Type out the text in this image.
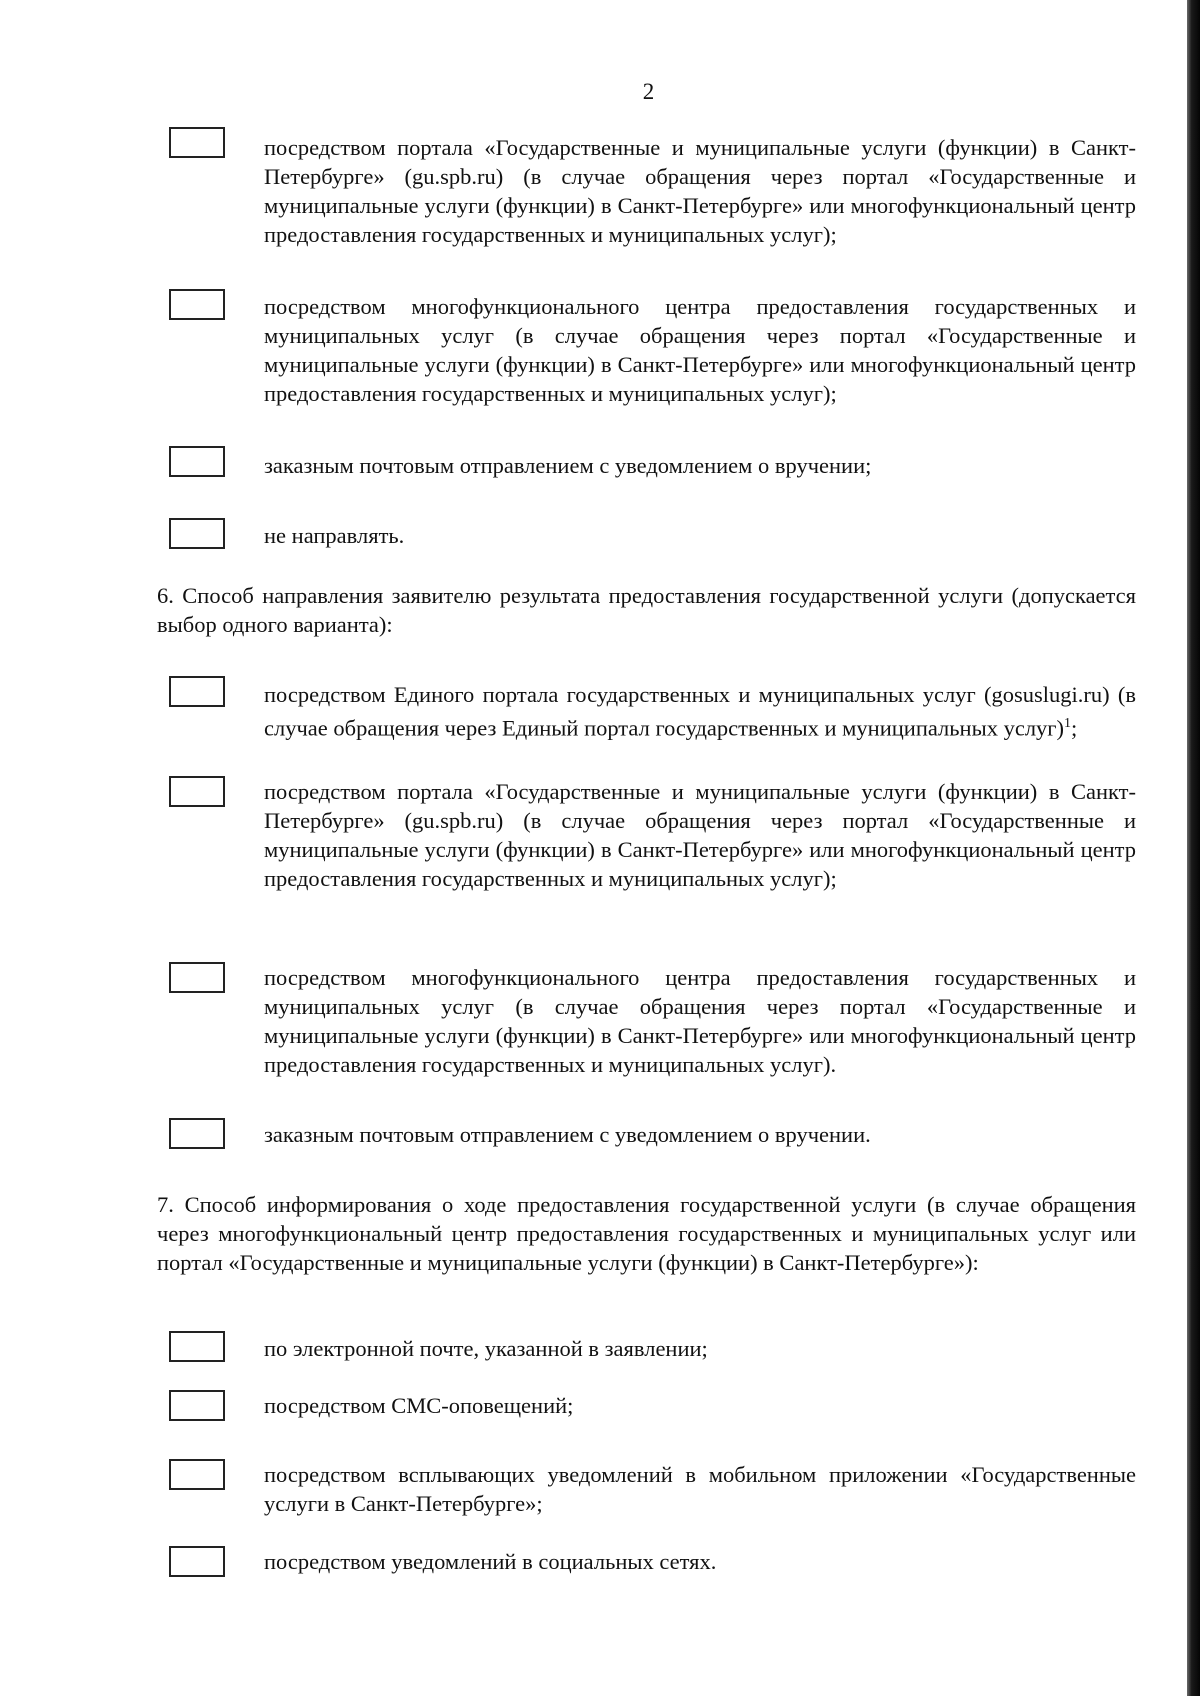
2
посредством портала «Государственные и муниципальные услуги (функции) в Санкт-Петербурге» (gu.spb.ru) (в случае обращения через портал «Государственные и муниципальные услуги (функции) в Санкт-Петербурге» или многофункциональный центр предоставления государственных и муниципальных услуг);
посредством многофункционального центра предоставления государственных и муниципальных услуг (в случае обращения через портал «Государственные и муниципальные услуги (функции) в Санкт-Петербурге» или многофункциональный центр предоставления государственных и муниципальных услуг);
заказным почтовым отправлением с уведомлением о вручении;
не направлять.
6. Способ направления заявителю результата предоставления государственной услуги (допускается выбор одного варианта):
посредством Единого портала государственных и муниципальных услуг (gosuslugi.ru) (в случае обращения через Единый портал государственных и муниципальных услуг)$^1$;
посредством портала «Государственные и муниципальные услуги (функции) в Санкт-Петербурге» (gu.spb.ru) (в случае обращения через портал «Государственные и муниципальные услуги (функции) в Санкт-Петербурге» или многофункциональный центр предоставления государственных и муниципальных услуг);
посредством многофункционального центра предоставления государственных и муниципальных услуг (в случае обращения через портал «Государственные и муниципальные услуги (функции) в Санкт-Петербурге» или многофункциональный центр предоставления государственных и муниципальных услуг).
заказным почтовым отправлением с уведомлением о вручении.
7. Способ информирования о ходе предоставления государственной услуги (в случае обращения через многофункциональный центр предоставления государственных и муниципальных услуг или портал «Государственные и муниципальные услуги (функции) в Санкт-Петербурге»):
по электронной почте, указанной в заявлении;
посредством СМС-оповещений;
посредством всплывающих уведомлений в мобильном приложении «Государственные услуги в Санкт-Петербурге»;
посредством уведомлений в социальных сетях.
